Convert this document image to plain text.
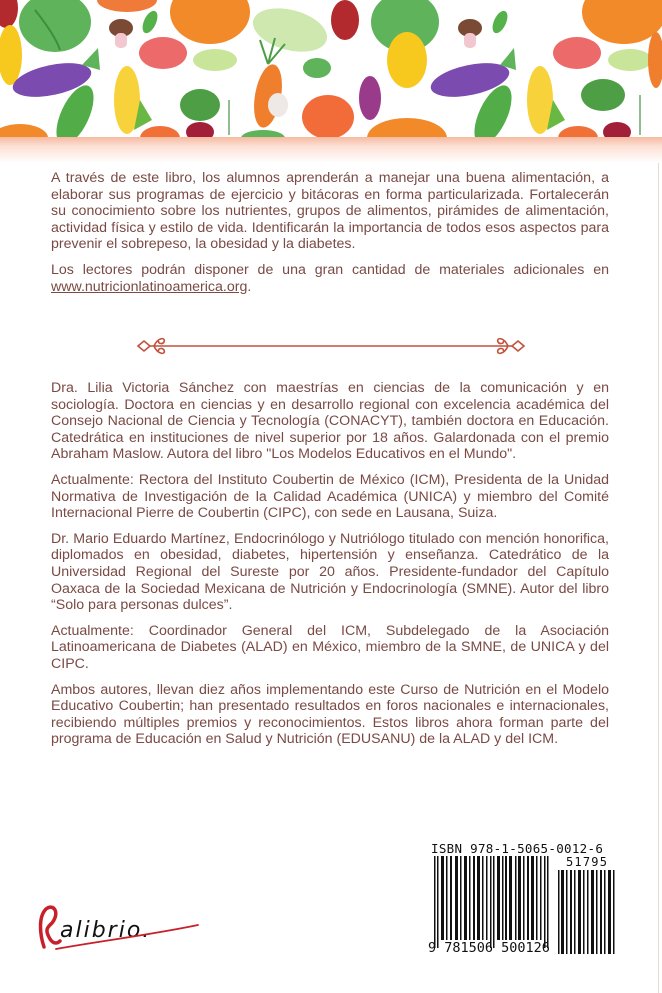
A través de este libro, los alumnos aprenderán a manejar una buena alimentación, a elaborar sus programas de ejercicio y bitácoras en forma particularizada. Fortalecerán su conocimiento sobre los nutrientes, grupos de alimentos, pirámides de alimentación, actividad física y estilo de vida. Identificarán la importancia de todos esos aspectos para prevenir el sobrepeso, la obesidad y la diabetes.

Los lectores podrán disponer de una gran cantidad de materiales adicionales en www.nutricionlatinoamerica.org.

Dra. Lilia Victoria Sánchez con maestrías en ciencias de la comunicación y en sociología. Doctora en ciencias y en desarrollo regional con excelencia académica del Consejo Nacional de Ciencia y Tecnología (CONACYT), también doctora en Educación. Catedrática en instituciones de nivel superior por 18 años. Galardonada con el premio Abraham Maslow. Autora del libro "Los Modelos Educativos en el Mundo".

Actualmente: Rectora del Instituto Coubertin de México (ICM), Presidenta de la Unidad Normativa de Investigación de la Calidad Académica (UNICA) y miembro del Comité Internacional Pierre de Coubertin (CIPC), con sede en Lausana, Suiza.

Dr. Mario Eduardo Martínez, Endocrinólogo y Nutriólogo titulado con mención honorifica, diplomados en obesidad, diabetes, hipertensión y enseñanza. Catedrático de la Universidad Regional del Sureste por 20 años. Presidente-fundador del Capítulo Oaxaca de la Sociedad Mexicana de Nutrición y Endocrinología (SMNE). Autor del libro “Solo para personas dulces”.

Actualmente: Coordinador General del ICM, Subdelegado de la Asociación Latinoamericana de Diabetes (ALAD) en México, miembro de la SMNE, de UNICA y del CIPC.

Ambos autores, llevan diez años implementando este Curso de Nutrición en el Modelo Educativo Coubertin; han presentado resultados en foros nacionales e internacionales, recibiendo múltiples premios y reconocimientos. Estos libros ahora forman parte del programa de Educación en Salud y Nutrición (EDUSANU) de la ALAD y del ICM.

ISBN 978-1-5065-0012-6
51795
9 781506 500126
alibrio.
